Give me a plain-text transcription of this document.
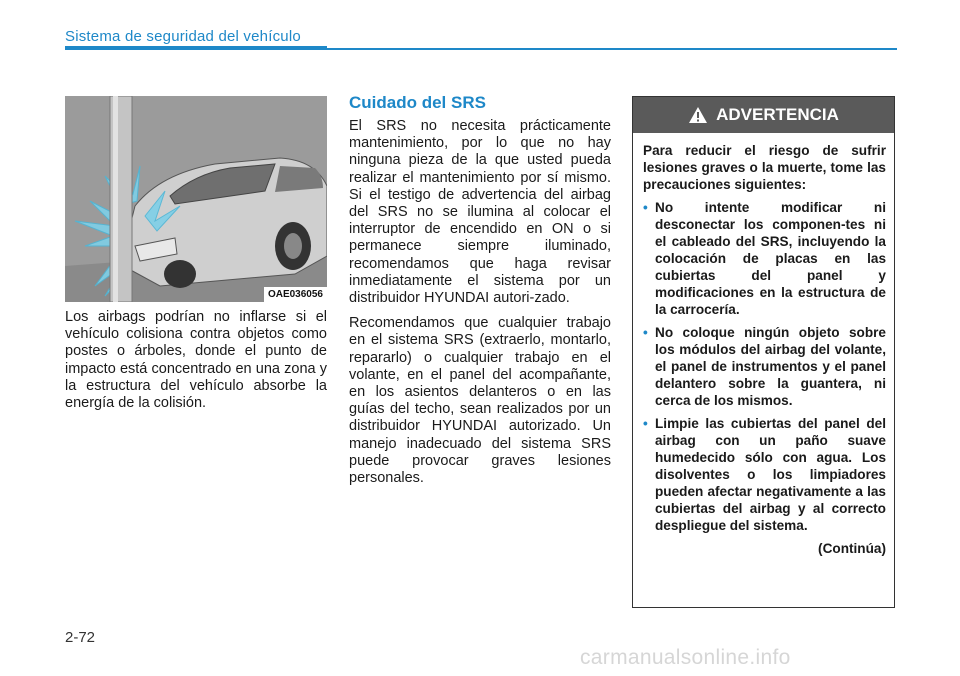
Sistema de seguridad del vehículo
OAE036056
Los airbags podrían no inflarse si el vehículo colisiona contra objetos como postes o árboles, donde el punto de impacto está concentrado en una zona y la estructura del vehículo absorbe la energía de la colisión.
Cuidado del SRS

El SRS no necesita prácticamente mantenimiento, por lo que no hay ninguna pieza de la que usted pueda realizar el mantenimiento por sí mismo. Si el testigo de advertencia del airbag del SRS no se ilumina al colocar el interruptor de encendido en ON o si permanece siempre iluminado, recomendamos que haga revisar inmediatamente el sistema por un distribuidor HYUNDAI autori-zado.

Recomendamos que cualquier trabajo en el sistema SRS (extraerlo, montarlo, repararlo) o cualquier trabajo en el volante, en el panel del acompañante, en los asientos delanteros o en las guías del techo, sean realizados por un distribuidor HYUNDAI autorizado. Un manejo inadecuado del sistema SRS puede provocar graves lesiones personales.

ADVERTENCIA
Para reducir el riesgo de sufrir lesiones graves o la muerte, tome las precauciones siguientes:
• No intente modificar ni desconectar los componen-tes ni el cableado del SRS, incluyendo la colocación de placas en las cubiertas del panel y modificaciones en la estructura de la carrocería.
• No coloque ningún objeto sobre los módulos del airbag del volante, el panel de instrumentos y el panel delantero sobre la guantera, ni cerca de los mismos.
• Limpie las cubiertas del panel del airbag con un paño suave humedecido sólo con agua. Los disolventes o los limpiadores pueden afectar negativamente a las cubiertas del airbag y al correcto despliegue del sistema.
(Continúa)
2-72
carmanualsonline.info
